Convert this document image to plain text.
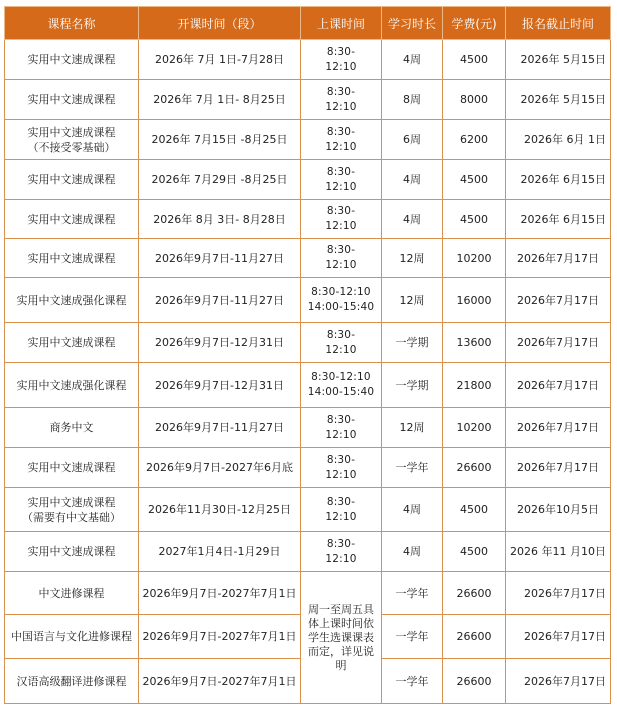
课程名称	开课时间（段）	上课时间	学习时长	学费(元)	报名截止时间
实用中文速成课程	2026年 7月 1日-7月28日	8:30-
12:10	4周	4500	2026年 5月15日
实用中文速成课程	2026年 7月 1日- 8月25日	8:30-
12:10	8周	8000	2026年 5月15日
实用中文速成课程
（不接受零基础）	2026年 7月15日 -8月25日	8:30-
12:10	6周	6200	2026年 6月 1日
实用中文速成课程	2026年 7月29日 -8月25日	8:30-
12:10	4周	4500	2026年 6月15日
实用中文速成课程	2026年 8月 3日- 8月28日	8:30-
12:10	4周	4500	2026年 6月15日
实用中文速成课程	2026年9月7日-11月27日	8:30-
12:10	12周	10200	2026年7月17日
实用中文速成强化课程	2026年9月7日-11月27日	8:30-12:10
14:00-15:40	12周	16000	2026年7月17日
实用中文速成课程	2026年9月7日-12月31日	8:30-
12:10	一学期	13600	2026年7月17日
实用中文速成强化课程	2026年9月7日-12月31日	8:30-12:10
14:00-15:40	一学期	21800	2026年7月17日
商务中文	2026年9月7日-11月27日	8:30-
12:10	12周	10200	2026年7月17日
实用中文速成课程	2026年9月7日-2027年6月底	8:30-
12:10	一学年	26600	2026年7月17日
实用中文速成课程
（需要有中文基础）	2026年11月30日-12月25日	8:30-
12:10	4周	4500	2026年10月5日
实用中文速成课程	2027年1月4日-1月29日	8:30-
12:10	4周	4500	2026 年11 月10日
中文进修课程	2026年9月7日-2027年7月1日	周一至周五具体上课时间依学生选课课表 而定，详见说明	一学年	26600	2026年7月17日
中国语言与文化进修课程	2026年9月7日-2027年7月1日		一学年	26600	2026年7月17日
汉语高级翻译进修课程	2026年9月7日-2027年7月1日		一学年	26600	2026年7月17日
